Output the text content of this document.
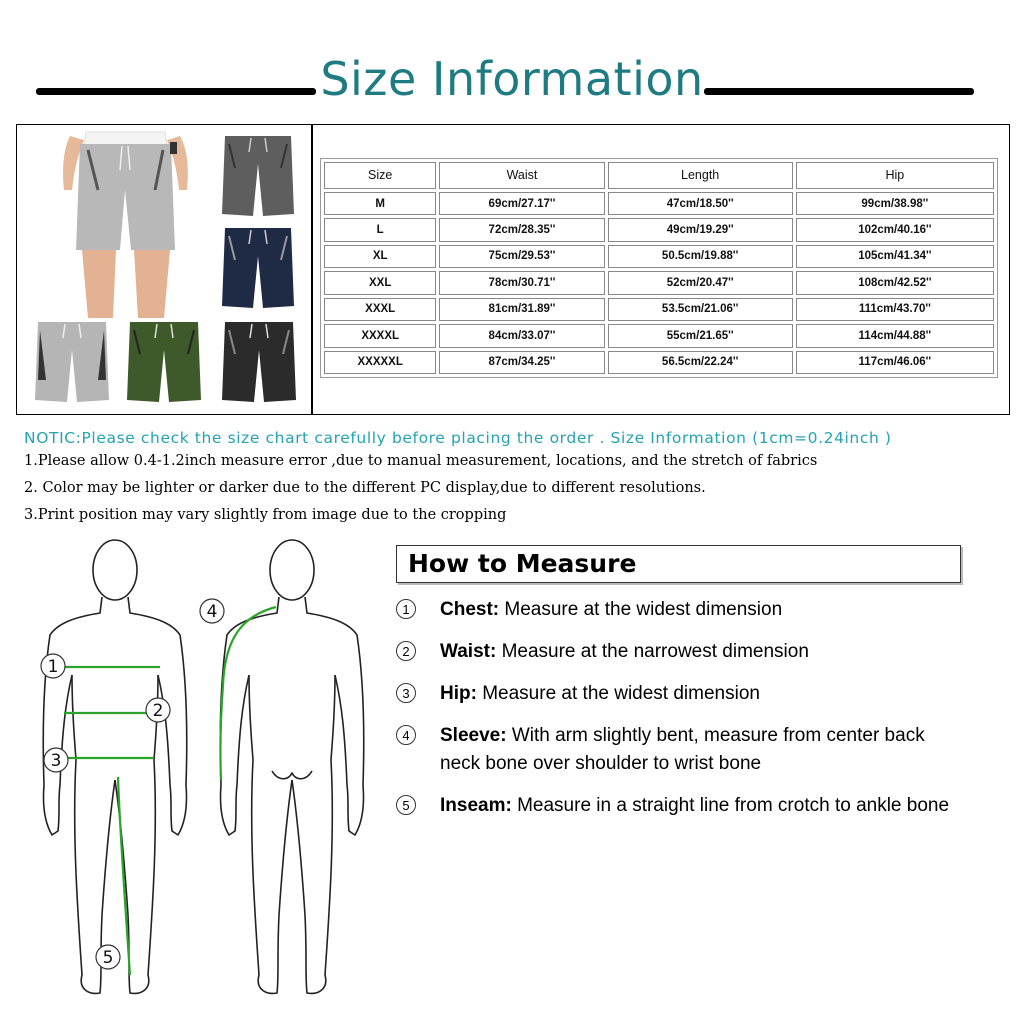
Size Information
Size	Waist	Length	Hip
M	69cm/27.17''	47cm/18.50''	99cm/38.98''
L	72cm/28.35''	49cm/19.29''	102cm/40.16''
XL	75cm/29.53''	50.5cm/19.88''	105cm/41.34''
XXL	78cm/30.71''	52cm/20.47''	108cm/42.52''
XXXL	81cm/31.89''	53.5cm/21.06''	111cm/43.70''
XXXXL	84cm/33.07''	55cm/21.65''	114cm/44.88''
XXXXXL	87cm/34.25''	56.5cm/22.24''	117cm/46.06''
NOTIC:Please check the size chart carefully before placing the order . Size Information (1cm=0.24inch )
1.Please allow 0.4-1.2inch measure error ,due to manual measurement, locations, and the stretch of fabrics
2. Color may be lighter or darker due to the different PC display,due to different resolutions.
3.Print position may vary slightly from image due to the cropping
1
2
3
4
5
How to Measure
1	Chest: Measure at the widest dimension
2	Waist: Measure at the narrowest dimension
3	Hip: Measure at the widest dimension
4	Sleeve: With arm slightly bent, measure from center back neck bone over shoulder to wrist bone
5	Inseam: Measure in a straight line from crotch to ankle bone
